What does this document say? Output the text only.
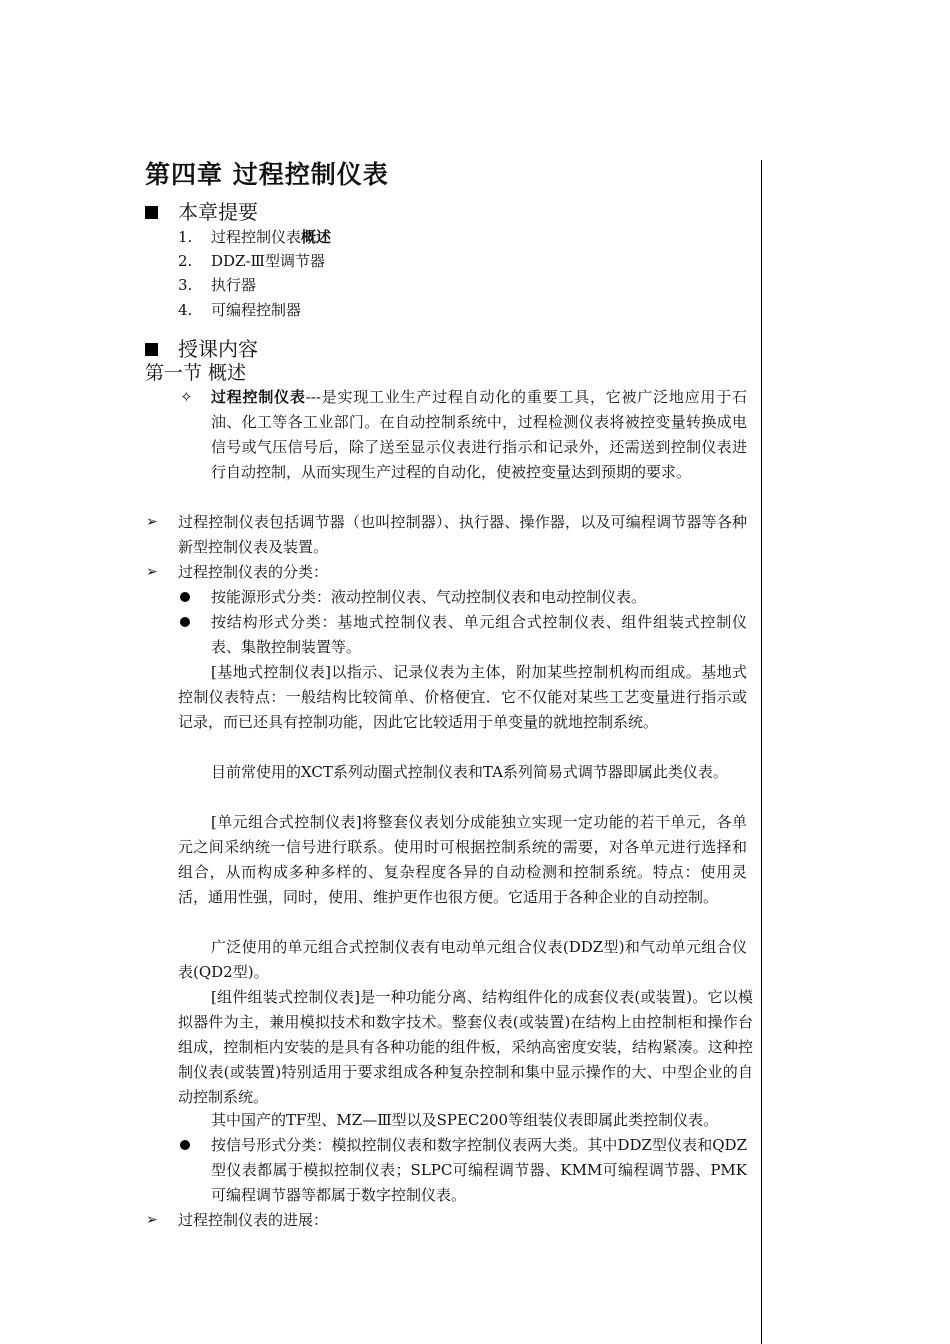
第四章 过程控制仪表
本章提要
1.	过程控制仪表概述
2.	DDZ-Ⅲ型调节器
3.	执行器
4.	可编程控制器
授课内容
第一节 概述
✧ 过程控制仪表---是实现工业生产过程自动化的重要工具，它被广泛地应用于石油、化工等各工业部门。在自动控制系统中，过程检测仪表将被控变量转换成电信号或气压信号后，除了送至显示仪表进行指示和记录外，还需送到控制仪表进行自动控制，从而实现生产过程的自动化，使被控变量达到预期的要求。

➢ 过程控制仪表包括调节器（也叫控制器）、执行器、操作器，以及可编程调节器等各种新型控制仪表及装置。

➢ 过程控制仪表的分类：

按能源形式分类：液动控制仪表、气动控制仪表和电动控制仪表。

按结构形式分类：基地式控制仪表、单元组合式控制仪表、组件组装式控制仪表、集散控制装置等。

[基地式控制仪表]以指示、记录仪表为主体，附加某些控制机构而组成。基地式控制仪表特点：一般结构比较简单、价格便宜．它不仅能对某些工艺变量进行指示或记录，而已还具有控制功能，因此它比较适用于单变量的就地控制系统。

目前常使用的XCT系列动圈式控制仪表和TA系列简易式调节器即属此类仪表。

[单元组合式控制仪表]将整套仪表划分成能独立实现一定功能的若干单元，各单元之间采纳统一信号进行联系。使用时可根据控制系统的需要，对各单元进行选择和组合，从而构成多种多样的、复杂程度各异的自动检测和控制系统。特点：使用灵活，通用性强，同时，使用、维护更作也很方便。它适用于各种企业的自动控制。

广泛使用的单元组合式控制仪表有电动单元组合仪表(DDZ型)和气动单元组合仪表(QD2型)。

[组件组装式控制仪表]是一种功能分离、结构组件化的成套仪表(或装置)。它以模拟器件为主，兼用模拟技术和数字技术。整套仪表(或装置)在结构上由控制柜和操作台组成，控制柜内安装的是具有各种功能的组件板，采纳高密度安装，结构紧凑。这种控制仪表(或装置)特别适用于要求组成各种复杂控制和集中显示操作的大、中型企业的自动控制系统。

其中国产的TF型、MZ—Ⅲ型以及SPEC200等组装仪表即属此类控制仪表。

按信号形式分类：模拟控制仪表和数字控制仪表两大类。其中DDZ型仪表和QDZ型仪表都属于模拟控制仪表；SLPC可编程调节器、KMM可编程调节器、PMK可编程调节器等都属于数字控制仪表。

➢ 过程控制仪表的进展：
